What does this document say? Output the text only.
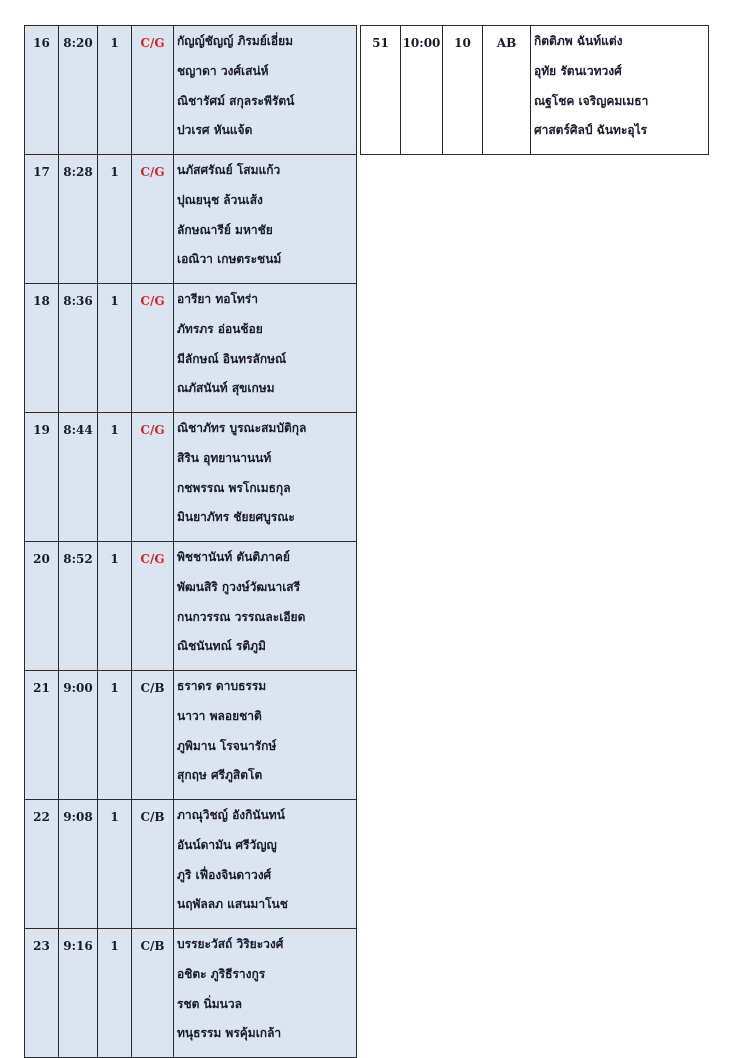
16	8:20	1	C/G	กัญญ์ชัญญ์ ภิรมย์เอี่ยม
ชญาดา วงศ์เสน่ห์
ณิชารัศม์ สกุลระพีรัตน์
ปวเรศ หันแจ้ด

17	8:28	1	C/G	นภัสศรัณย์ โสมแก้ว
ปุณยนุช ล้วนเส้ง
ลักษณารีย์ มหาชัย
เอณิวา เกษตระชนม์

18	8:36	1	C/G	อารียา ทอโทร่า
ภัทรภร อ่อนช้อย
มีลักษณ์ อินทรลักษณ์
ณภัสนันท์ สุขเกษม

19	8:44	1	C/G	ณิชาภัทร บูรณะสมบัติกุล
สิริน อุทยานานนท์
กชพรรณ พรโกเมธกุล
มินยาภัทร ชัยยศบูรณะ

20	8:52	1	C/G	พิชชานันท์ ตันติภาคย์
พัฒนสิริ กูวงษ์วัฒนาเสรี
กนกวรรณ วรรณละเอียด
ณิชนันทณ์ รติภูมิ

21	9:00	1	C/B	ธราดร ดาบธรรม
นาวา พลอยชาติ
ภูพิมาน โรจนารักษ์
สุกฤษ ศรีภูสิตโต

22	9:08	1	C/B	ภาณุวิชญ์ อังกินันทน์
อันน์ดามัน ศรีวัญญู
ภูริ เฟื่องจินดาวงศ์
นฤพัลลภ แสนมาโนช

23	9:16	1	C/B	บรรยะวัสถ์ วิริยะวงศ์
อชิตะ ภูริธีรางกูร
รชต นิ่มนวล
ทนุธรรม พรคุ้มเกล้า
51	10:00	10	AB	กิตติภพ ฉันท์แต่ง
อุทัย รัตนเวทวงศ์
ณฐโชค เจริญคมเมธา
ศาสตร์ศิลป์ ฉันทะอุไร
